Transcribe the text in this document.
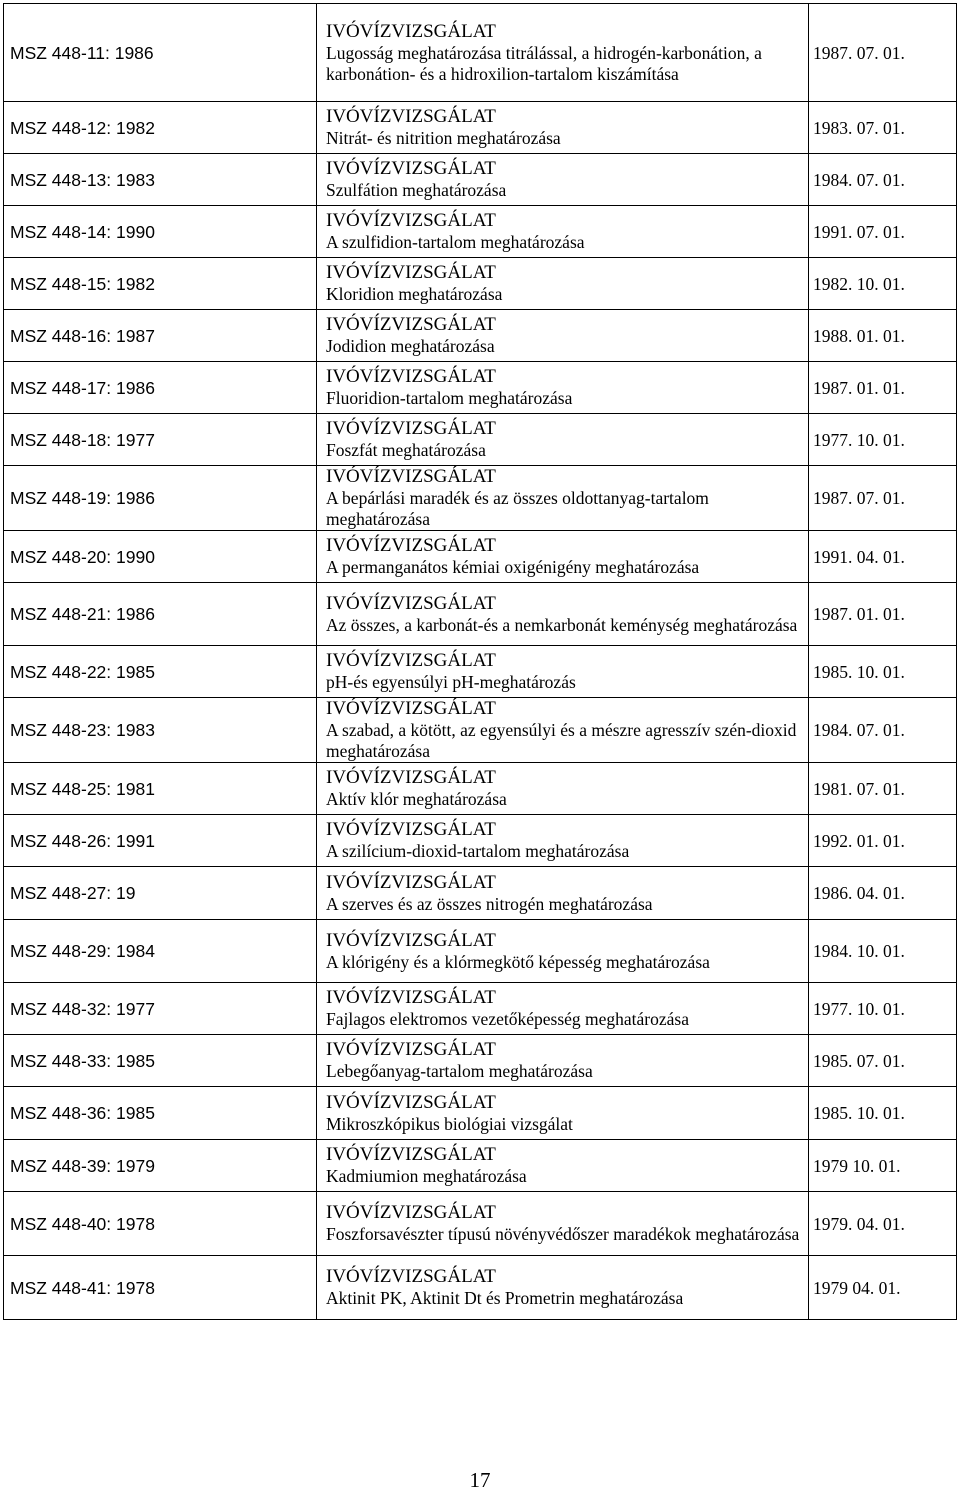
MSZ 448-11: 1986	IVÓVÍZVIZSGÁLAT
Lugosság meghatározása titrálással, a hidrogén-karbonátion, a karbonátion- és a hidroxilion-tartalom kiszámítása	1987. 07. 01.
MSZ 448-12: 1982	IVÓVÍZVIZSGÁLAT
Nitrát- és nitrition meghatározása	1983. 07. 01.
MSZ 448-13: 1983	IVÓVÍZVIZSGÁLAT
Szulfátion meghatározása	1984. 07. 01.
MSZ 448-14: 1990	IVÓVÍZVIZSGÁLAT
A szulfidion-tartalom meghatározása	1991. 07. 01.
MSZ 448-15: 1982	IVÓVÍZVIZSGÁLAT
Kloridion meghatározása	1982. 10. 01.
MSZ 448-16: 1987	IVÓVÍZVIZSGÁLAT
Jodidion meghatározása	1988. 01. 01.
MSZ 448-17: 1986	IVÓVÍZVIZSGÁLAT
Fluoridion-tartalom meghatározása	1987. 01. 01.
MSZ 448-18: 1977	IVÓVÍZVIZSGÁLAT
Foszfát meghatározása	1977. 10. 01.
MSZ 448-19: 1986	IVÓVÍZVIZSGÁLAT
A bepárlási maradék és az összes oldottanyag-tartalom meghatározása	1987. 07. 01.
MSZ 448-20: 1990	IVÓVÍZVIZSGÁLAT
A permanganátos kémiai oxigénigény meghatározása	1991. 04. 01.
MSZ 448-21: 1986	IVÓVÍZVIZSGÁLAT
Az összes, a karbonát-és a nemkarbonát keménység meghatározása	1987. 01. 01.
MSZ 448-22: 1985	IVÓVÍZVIZSGÁLAT
pH-és egyensúlyi pH-meghatározás	1985. 10. 01.
MSZ 448-23: 1983	IVÓVÍZVIZSGÁLAT
A szabad, a kötött, az egyensúlyi és a mészre agresszív szén-dioxid meghatározása	1984. 07. 01.
MSZ 448-25: 1981	IVÓVÍZVIZSGÁLAT
Aktív klór meghatározása	1981. 07. 01.
MSZ 448-26: 1991	IVÓVÍZVIZSGÁLAT
A szilícium-dioxid-tartalom meghatározása	1992. 01. 01.
MSZ 448-27: 19	IVÓVÍZVIZSGÁLAT
A szerves és az összes nitrogén meghatározása	1986. 04. 01.
MSZ 448-29: 1984	IVÓVÍZVIZSGÁLAT
A klórigény és a klórmegkötő képesség meghatározása	1984. 10. 01.
MSZ 448-32: 1977	IVÓVÍZVIZSGÁLAT
Fajlagos elektromos vezetőképesség meghatározása	1977. 10. 01.
MSZ 448-33: 1985	IVÓVÍZVIZSGÁLAT
Lebegőanyag-tartalom meghatározása	1985. 07. 01.
MSZ 448-36: 1985	IVÓVÍZVIZSGÁLAT
Mikroszkópikus biológiai vizsgálat	1985. 10. 01.
MSZ 448-39: 1979	IVÓVÍZVIZSGÁLAT
Kadmiumion meghatározása	1979 10. 01.
MSZ 448-40: 1978	IVÓVÍZVIZSGÁLAT
Foszforsavészter típusú növényvédőszer maradékok meghatározása	1979. 04. 01.
MSZ 448-41: 1978	IVÓVÍZVIZSGÁLAT
Aktinit PK, Aktinit Dt és Prometrin meghatározása	1979 04. 01.
17
